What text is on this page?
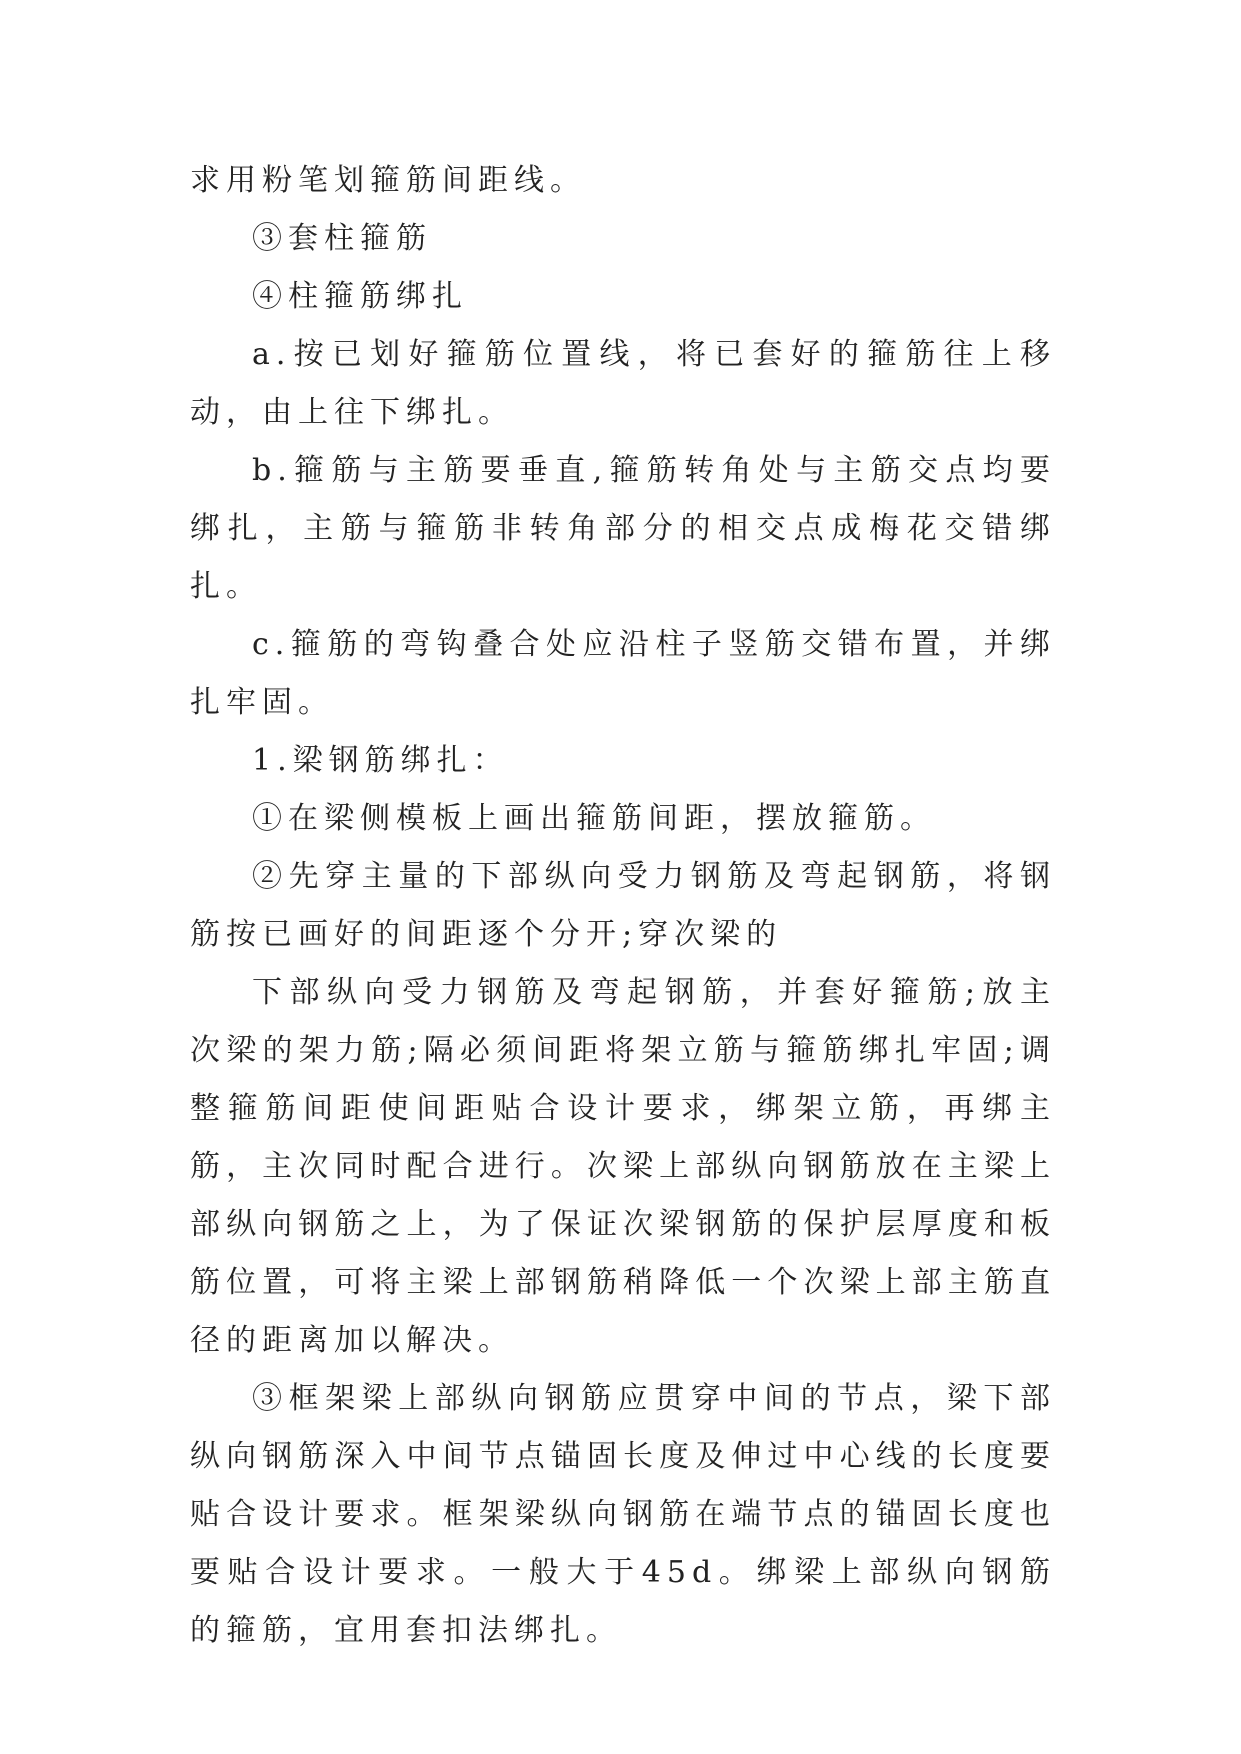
求用粉笔划箍筋间距线。

③套柱箍筋

④柱箍筋绑扎

a.按已划好箍筋位置线，将已套好的箍筋往上移动，由上往下绑扎。

b.箍筋与主筋要垂直,箍筋转角处与主筋交点均要绑扎，主筋与箍筋非转角部分的相交点成梅花交错绑扎。

c.箍筋的弯钩叠合处应沿柱子竖筋交错布置，并绑扎牢固。

1.梁钢筋绑扎：

①在梁侧模板上画出箍筋间距，摆放箍筋。

②先穿主量的下部纵向受力钢筋及弯起钢筋，将钢筋按已画好的间距逐个分开;穿次梁的

下部纵向受力钢筋及弯起钢筋，并套好箍筋;放主次梁的架力筋;隔必须间距将架立筋与箍筋绑扎牢固;调整箍筋间距使间距贴合设计要求，绑架立筋，再绑主筋，主次同时配合进行。次梁上部纵向钢筋放在主梁上部纵向钢筋之上，为了保证次梁钢筋的保护层厚度和板筋位置，可将主梁上部钢筋稍降低一个次梁上部主筋直径的距离加以解决。

③框架梁上部纵向钢筋应贯穿中间的节点，梁下部纵向钢筋深入中间节点锚固长度及伸过中心线的长度要贴合设计要求。框架梁纵向钢筋在端节点的锚固长度也要贴合设计要求。一般大于45d。绑梁上部纵向钢筋的箍筋，宜用套扣法绑扎。
